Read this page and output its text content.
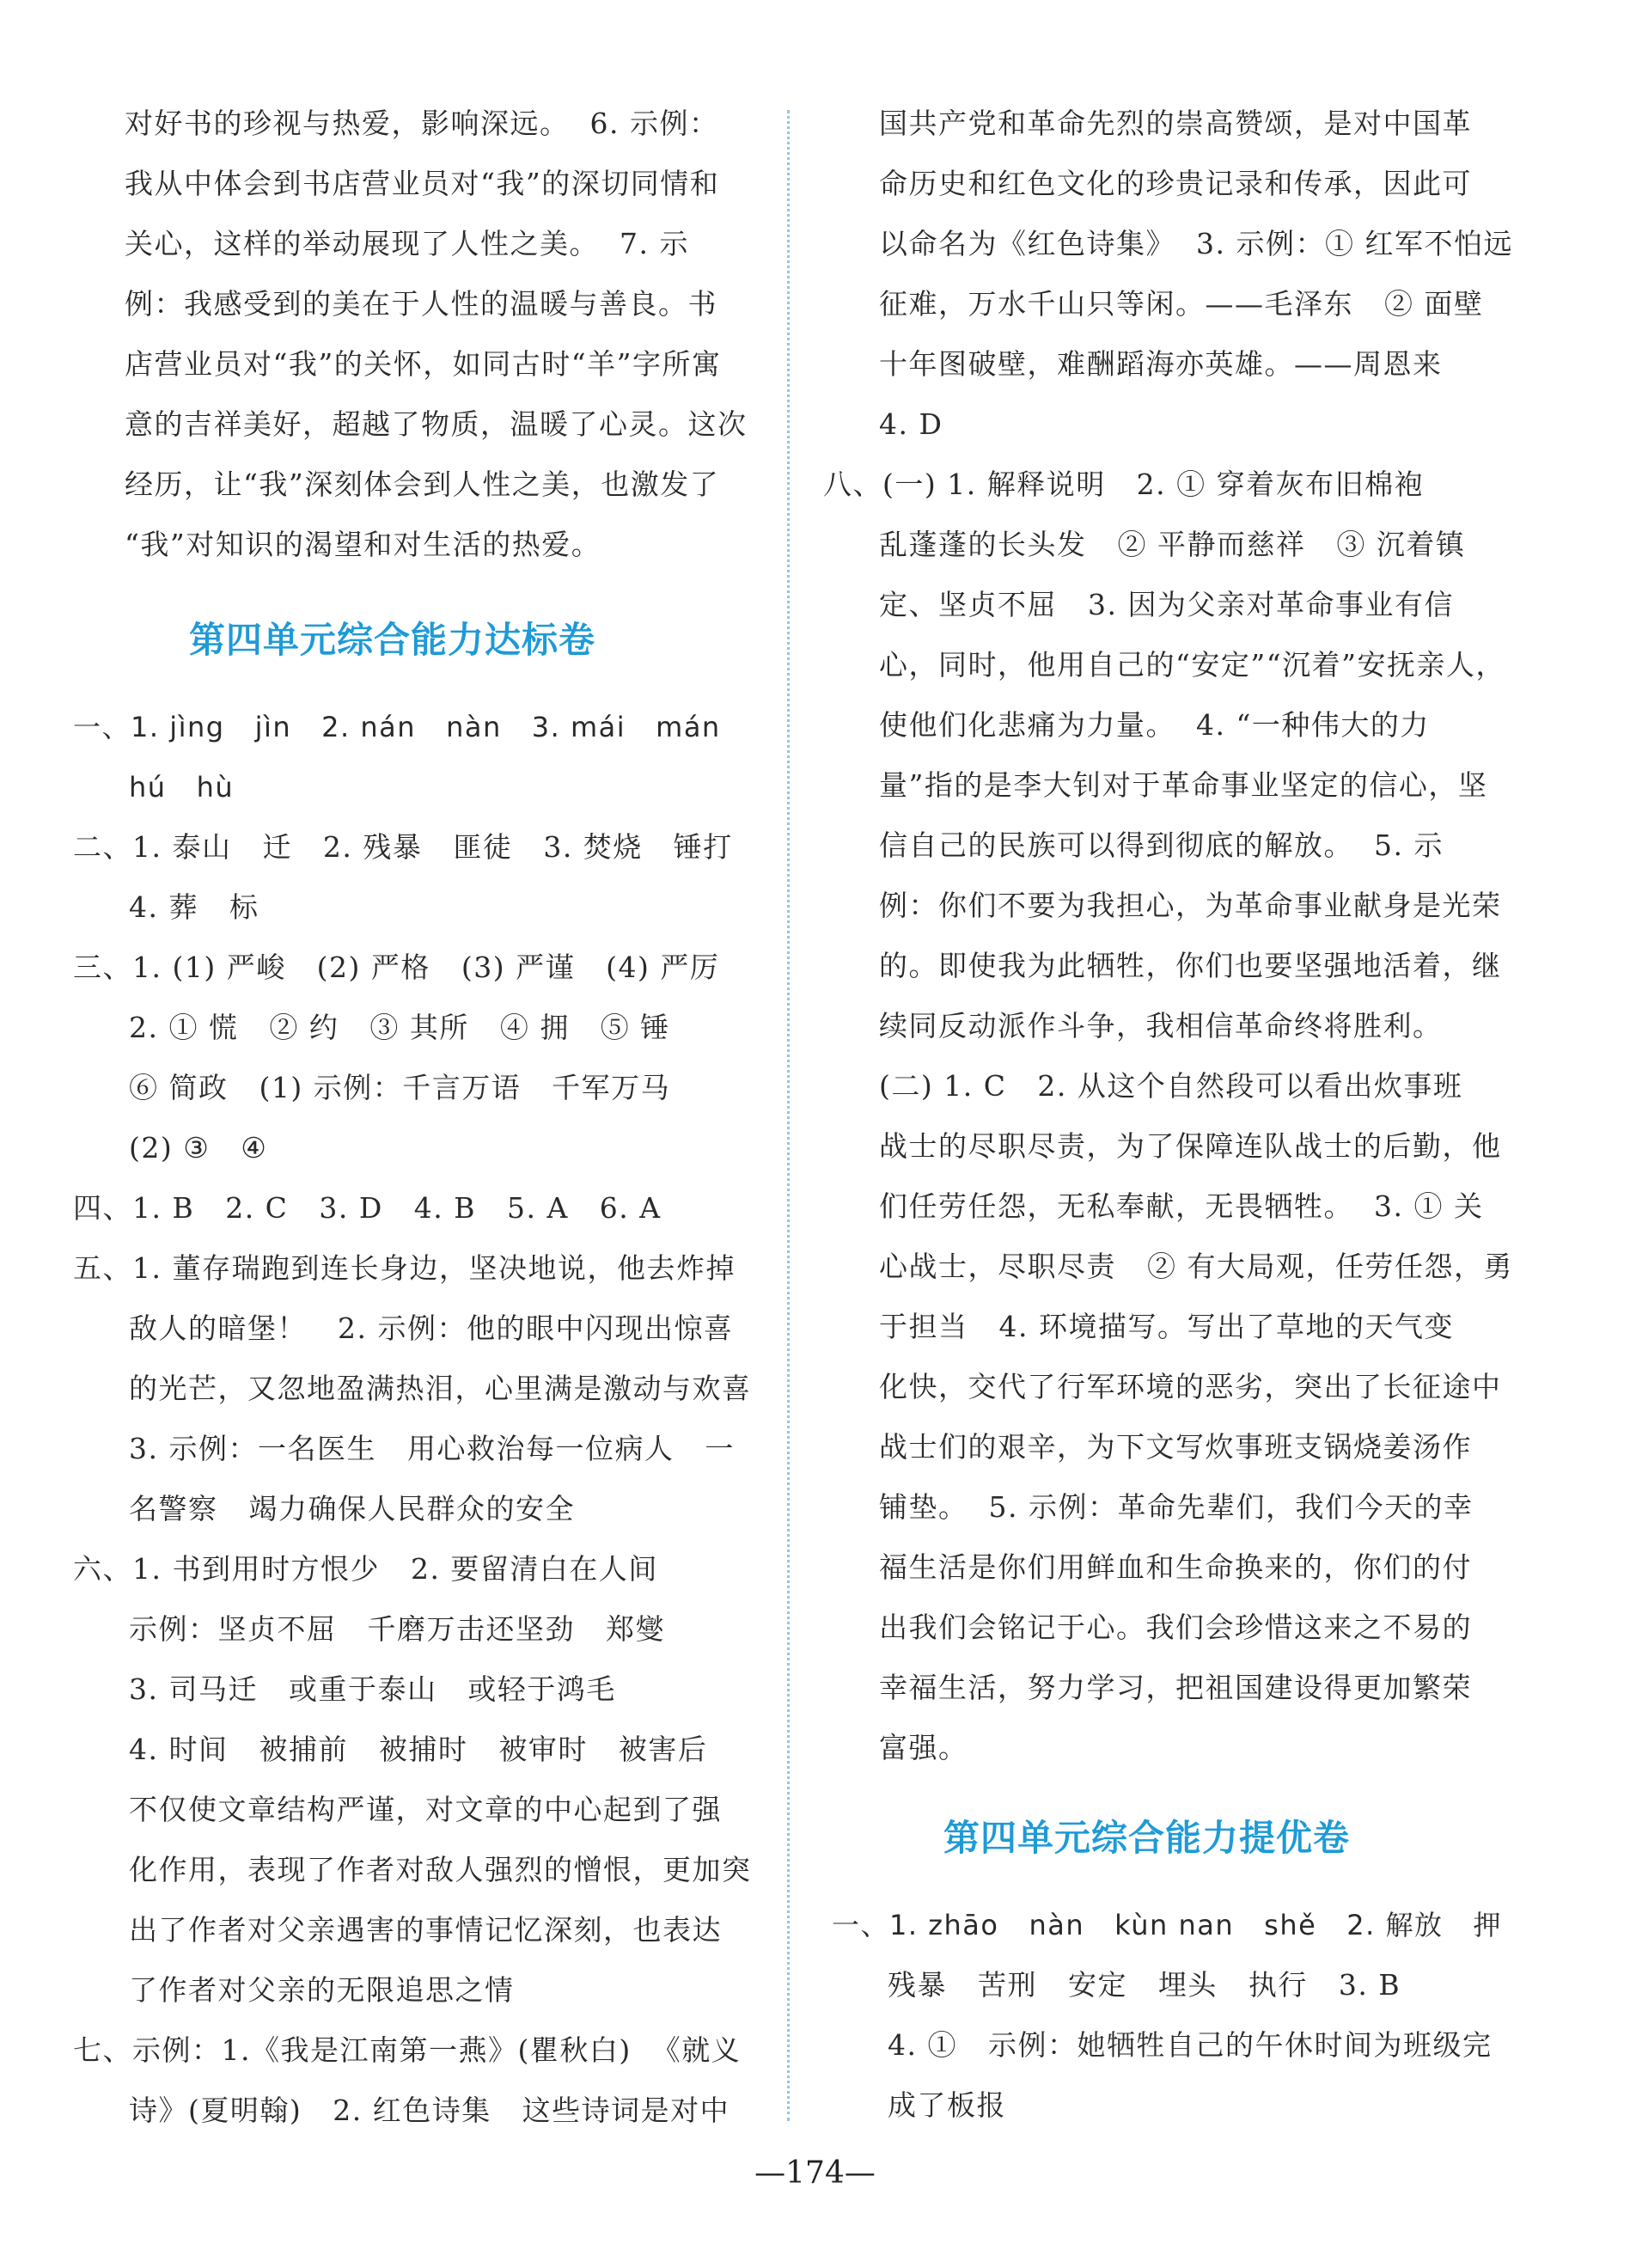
对好书的珍视与热爱，影响深远。  6. 示例：
我从中体会到书店营业员对“我”的深切同情和
关心，这样的举动展现了人性之美。  7. 示
例：我感受到的美在于人性的温暖与善良。书
店营业员对“我”的关怀，如同古时“羊”字所寓
意的吉祥美好，超越了物质，温暖了心灵。这次
经历，让“我”深刻体会到人性之美，也激发了
“我”对知识的渴望和对生活的热爱。
第四单元综合能力达标卷
一、1. jìng   jìn   2. nán   nàn   3. mái   mán
hú   hù
二、1. 泰山   迁   2. 残暴   匪徒   3. 焚烧   锤打
4. 葬   标
三、1. (1) 严峻   (2) 严格   (3) 严谨   (4) 严厉
2. ① 慌   ② 约   ③ 其所   ④ 拥   ⑤ 锤
⑥ 简政   (1) 示例：千言万语   千军万马
(2) ③   ④
四、1. B   2. C   3. D   4. B   5. A   6. A
五、1. 董存瑞跑到连长身边，坚决地说，他去炸掉
敌人的暗堡！   2. 示例：他的眼中闪现出惊喜
的光芒，又忽地盈满热泪，心里满是激动与欢喜
3. 示例：一名医生   用心救治每一位病人   一
名警察   竭力确保人民群众的安全
六、1. 书到用时方恨少   2. 要留清白在人间
示例：坚贞不屈   千磨万击还坚劲   郑燮
3. 司马迁   或重于泰山   或轻于鸿毛
4. 时间   被捕前   被捕时   被审时   被害后
不仅使文章结构严谨，对文章的中心起到了强
化作用，表现了作者对敌人强烈的憎恨，更加突
出了作者对父亲遇害的事情记忆深刻，也表达
了作者对父亲的无限追思之情
七、示例：1.《我是江南第一燕》(瞿秋白)  《就义
诗》(夏明翰)   2. 红色诗集   这些诗词是对中
国共产党和革命先烈的崇高赞颂，是对中国革
命历史和红色文化的珍贵记录和传承，因此可
以命名为《红色诗集》  3. 示例：① 红军不怕远
征难，万水千山只等闲。——毛泽东   ② 面壁
十年图破壁，难酬蹈海亦英雄。——周恩来
4. D
八、(一) 1. 解释说明   2. ① 穿着灰布旧棉袍
乱蓬蓬的长头发   ② 平静而慈祥   ③ 沉着镇
定、坚贞不屈   3. 因为父亲对革命事业有信
心，同时，他用自己的“安定”“沉着”安抚亲人，
使他们化悲痛为力量。  4. “一种伟大的力
量”指的是李大钊对于革命事业坚定的信心，坚
信自己的民族可以得到彻底的解放。  5. 示
例：你们不要为我担心，为革命事业献身是光荣
的。即使我为此牺牲，你们也要坚强地活着，继
续同反动派作斗争，我相信革命终将胜利。
(二) 1. C   2. 从这个自然段可以看出炊事班
战士的尽职尽责，为了保障连队战士的后勤，他
们任劳任怨，无私奉献，无畏牺牲。  3. ① 关
心战士，尽职尽责   ② 有大局观，任劳任怨，勇
于担当   4. 环境描写。写出了草地的天气变
化快，交代了行军环境的恶劣，突出了长征途中
战士们的艰辛，为下文写炊事班支锅烧姜汤作
铺垫。  5. 示例：革命先辈们，我们今天的幸
福生活是你们用鲜血和生命换来的，你们的付
出我们会铭记于心。我们会珍惜这来之不易的
幸福生活，努力学习，把祖国建设得更加繁荣
富强。
第四单元综合能力提优卷
一、1. zhāo   nàn   kùn nan   shě   2. 解放   押
残暴   苦刑   安定   埋头   执行   3. B
4. ①   示例：她牺牲自己的午休时间为班级完
成了板报
—174—
